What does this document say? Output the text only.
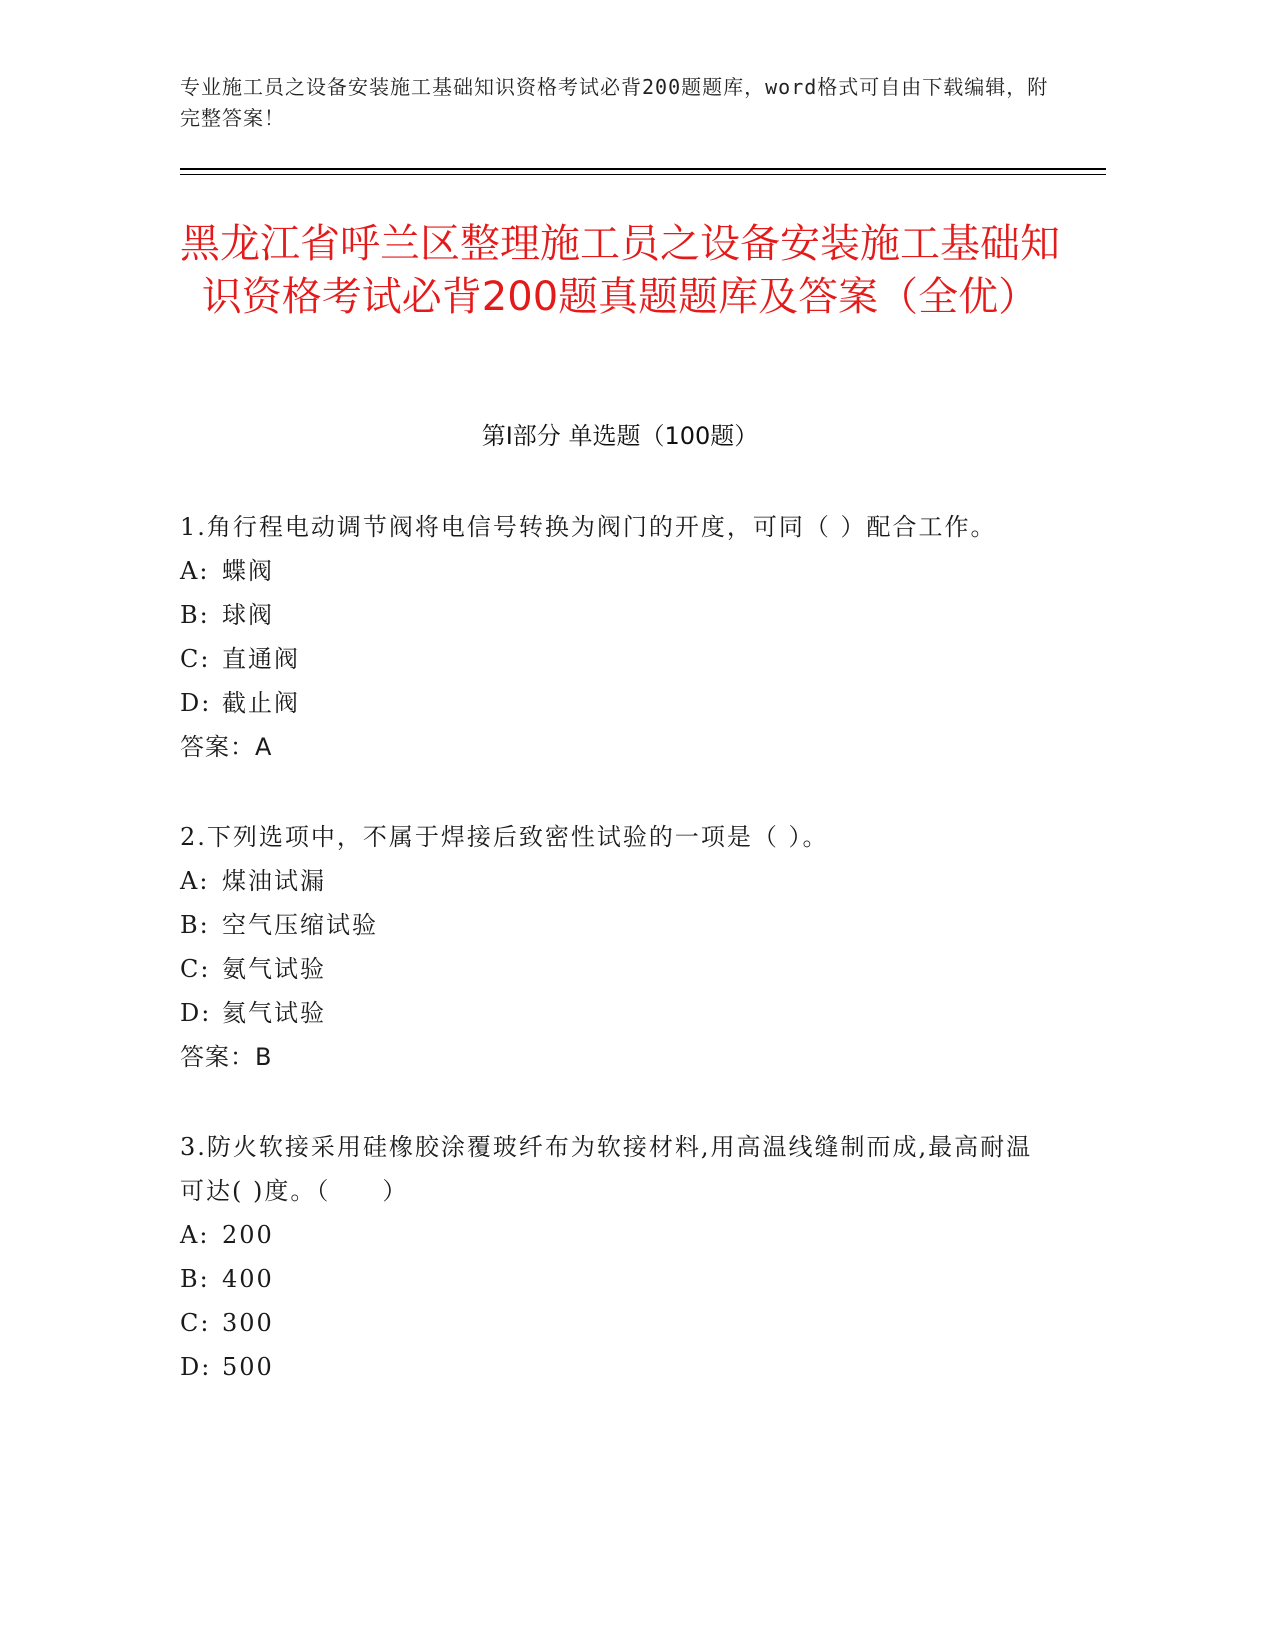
专业施工员之设备安装施工基础知识资格考试必背200题题库，word格式可自由下载编辑，附完整答案！
黑龙江省呼兰区整理施工员之设备安装施工基础知识资格考试必背200题真题题库及答案（全优）
第Ⅰ部分 单选题（100题）
1.角行程电动调节阀将电信号转换为阀门的开度，可同（ ）配合工作。
A: 蝶阀
B: 球阀
C: 直通阀
D: 截止阀
答案：A
2.下列选项中，不属于焊接后致密性试验的一项是（ ）。
A: 煤油试漏
B: 空气压缩试验
C: 氨气试验
D: 氦气试验
答案：B
3.防火软接采用硅橡胶涂覆玻纤布为软接材料,用高温线缝制而成,最高耐温可达( )度。（　　）
A: 200
B: 400
C: 300
D: 500
